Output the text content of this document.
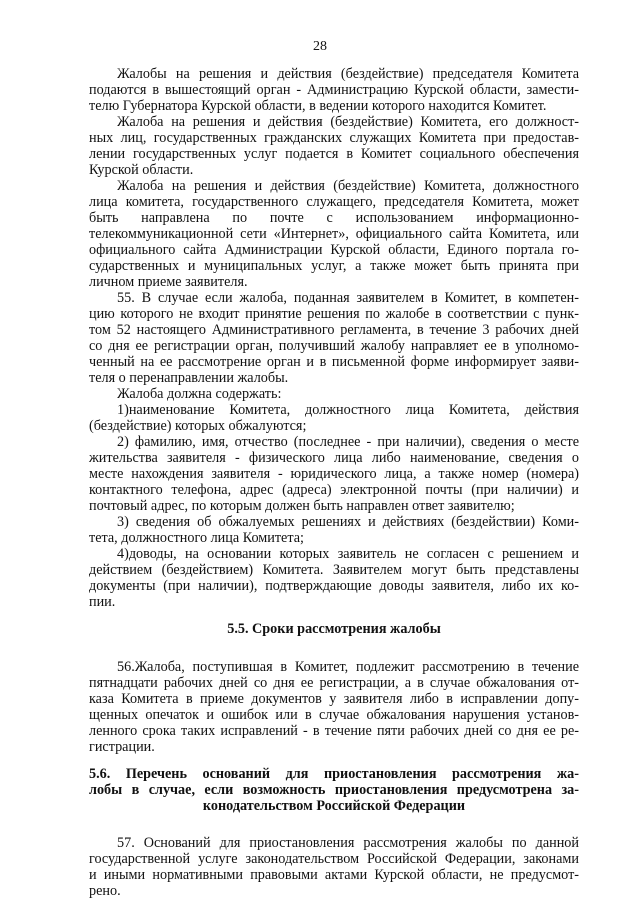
28
Жалобы на решения и действия (бездействие) председателя Комитета
подаются в вышестоящий орган - Администрацию Курской области, замести-
телю Губернатора Курской области, в ведении которого находится Комитет.
Жалоба на решения и действия (бездействие) Комитета, его должност-
ных лиц, государственных гражданских служащих Комитета при предостав-
лении государственных услуг подается в Комитет социального обеспечения
Курской области.
Жалоба на решения и действия (бездействие) Комитета, должностного
лица комитета, государственного служащего, председателя Комитета, может
быть направлена по почте с использованием информационно-
телекоммуникационной сети «Интернет», официального сайта Комитета, или
официального сайта Администрации Курской области, Единого портала го-
сударственных и муниципальных услуг, а также может быть принята при
личном приеме заявителя.
55. В случае если жалоба, поданная заявителем в Комитет, в компетен-
цию которого не входит принятие решения по жалобе в соответствии с пунк-
том 52 настоящего Административного регламента, в течение 3 рабочих дней
со дня ее регистрации орган, получивший жалобу направляет ее в уполномо-
ченный на ее рассмотрение орган и в письменной форме информирует заяви-
теля о перенаправлении жалобы.
Жалоба должна содержать:
1)наименование Комитета, должностного лица Комитета, действия
(бездействие) которых обжалуются;
2) фамилию, имя, отчество (последнее - при наличии), сведения о месте
жительства заявителя - физического лица либо наименование, сведения о
месте нахождения заявителя - юридического лица, а также номер (номера)
контактного телефона, адрес (адреса) электронной почты (при наличии) и
почтовый адрес, по которым должен быть направлен ответ заявителю;
3) сведения об обжалуемых решениях и действиях (бездействии) Коми-
тета, должностного лица Комитета;
4)доводы, на основании которых заявитель не согласен с решением и
действием (бездействием) Комитета. Заявителем могут быть представлены
документы (при наличии), подтверждающие доводы заявителя, либо их ко-
пии.
5.5. Сроки рассмотрения жалобы
56.Жалоба, поступившая в Комитет, подлежит рассмотрению в течение
пятнадцати рабочих дней со дня ее регистрации, а в случае обжалования от-
каза Комитета в приеме документов у заявителя либо в исправлении допу-
щенных опечаток и ошибок или в случае обжалования нарушения установ-
ленного срока таких исправлений - в течение пяти рабочих дней со дня ее ре-
гистрации.
5.6. Перечень оснований для приостановления рассмотрения жа-
лобы в случае, если возможность приостановления предусмотрена за-
конодательством Российской Федерации
57. Оснований для приостановления рассмотрения жалобы по данной
государственной услуге законодательством Российской Федерации, законами
и иными нормативными правовыми актами Курской области, не предусмот-
рено.
